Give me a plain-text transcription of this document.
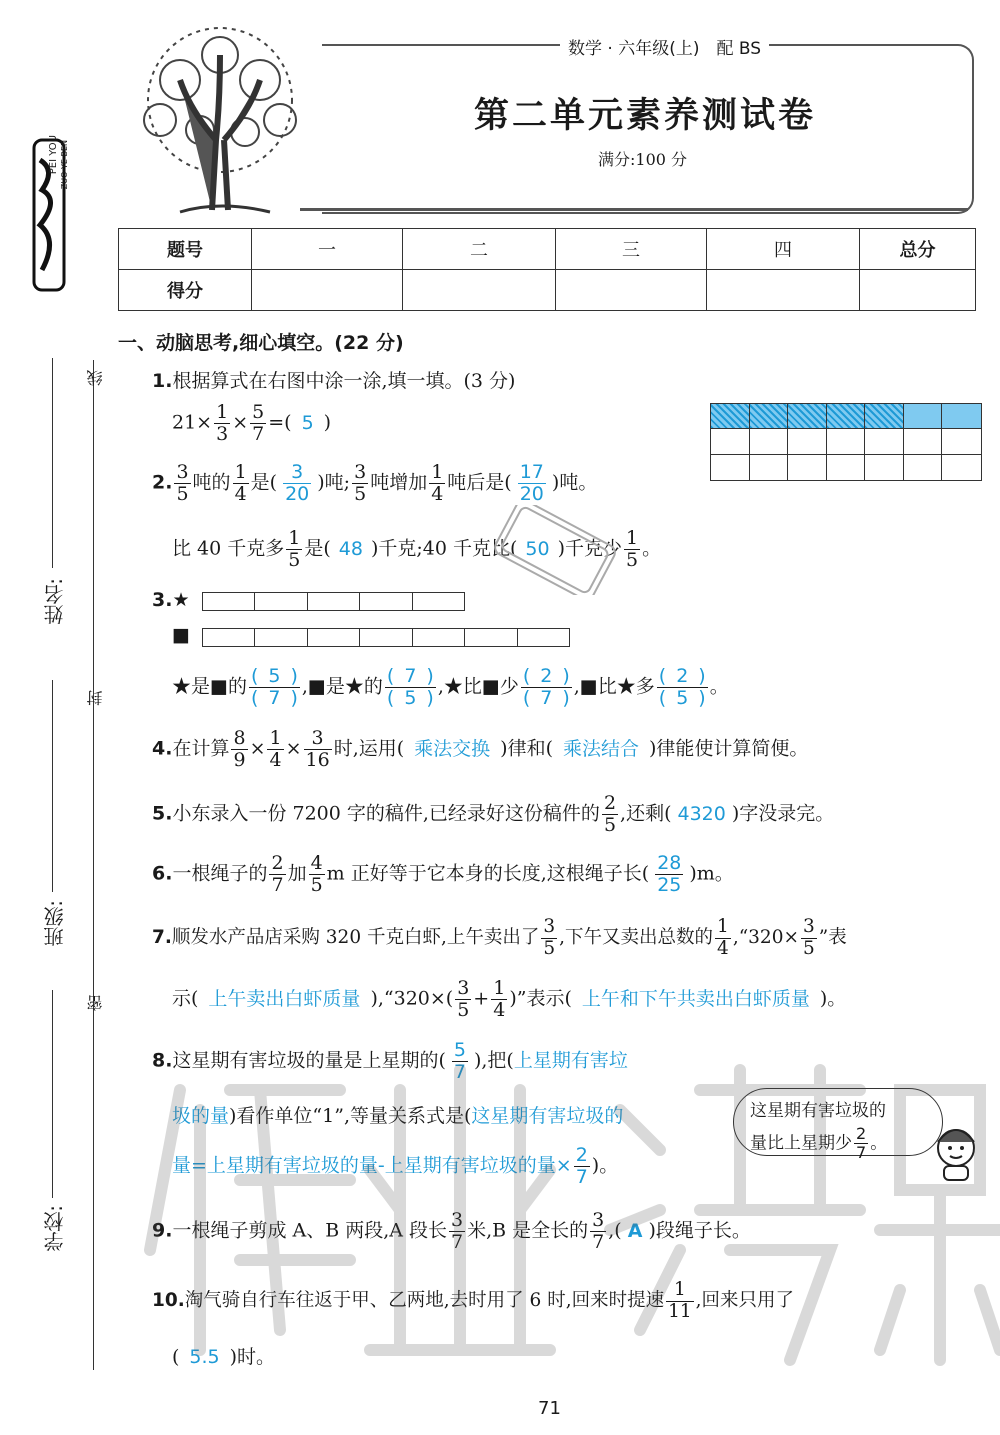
PEI YOU ZUO YE BEN
线
封
密
姓名:
班级:
学校:
数学 · 六年级(上)　配 BS
第二单元素养测试卷
满分:100 分
题号	一	二	三	四	总分
得分					
一、动脑思考,细心填空。(22 分)
1.根据算式在右图中涂一涂,填一填。(3 分)
$21\times \frac{1}{3} \times \frac{5}{7}$ =( 5 )
2. $\frac{3}{5}$ 吨的 $\frac{1}{4}$ 是( $\frac{3}{20}$ )吨; $\frac{3}{5}$ 吨增加 $\frac{1}{4}$ 吨后是( $\frac{17}{20}$ )吨。
比 40 千克多 $\frac{1}{5}$ 是( 48 )千克;40 千克比( 50 )千克少 $\frac{1}{5}$ 。
3.★
■
★是■的 $\frac{( 5 )}{( 7 )}$ ,■是★的 $\frac{( 7 )}{( 5 )}$ ,★比■少 $\frac{( 2 )}{( 7 )}$ ,■比★多 $\frac{( 2 )}{( 5 )}$ 。
4.在计算 $\frac{8}{9} \times \frac{1}{4} \times \frac{3}{16}$ 时,运用( 乘法交换 )律和( 乘法结合 )律能使计算简便。
5.小东录入一份 7200 字的稿件,已经录好这份稿件的 $\frac{2}{5}$ ,还剩( 4320 )字没录完。
6.一根绳子的 $\frac{2}{7}$ 加 $\frac{4}{5}$ m 正好等于它本身的长度,这根绳子长( $\frac{28}{25} )m$。
7.顺发水产品店采购 320 千克白虾,上午卖出了 $\frac{3}{5}$ ,下午又卖出总数的 $\frac{1}{4}$ ,“320× $\frac{3}{5}$ ”表
示( 上午卖出白虾质量 ),“320×( $\frac{3}{5} + \frac{1}{4}$ )”表示( 上午和下午共卖出白虾质量 )。
8.这星期有害垃圾的量是上星期的( $\frac{5}{7}$ ),把(上星期有害垃
圾的量)看作单位“1”,等量关系式是(这星期有害垃圾的
量=上星期有害垃圾的量-上星期有害垃圾的量× $\frac{2}{7}$ )。
这星期有害垃圾的
量比上星期少 $\frac{2}{7}$ 。
9.一根绳子剪成 A、B 两段,A 段长 $\frac{3}{7}$ 米,B 是全长的 $\frac{3}{7}$ ,( A )段绳子长。
10.淘气骑自行车往返于甲、乙两地,去时用了 6 时,回来时提速 $\frac{1}{11}$ ,回来只用了
( 5.5 )时。
71
